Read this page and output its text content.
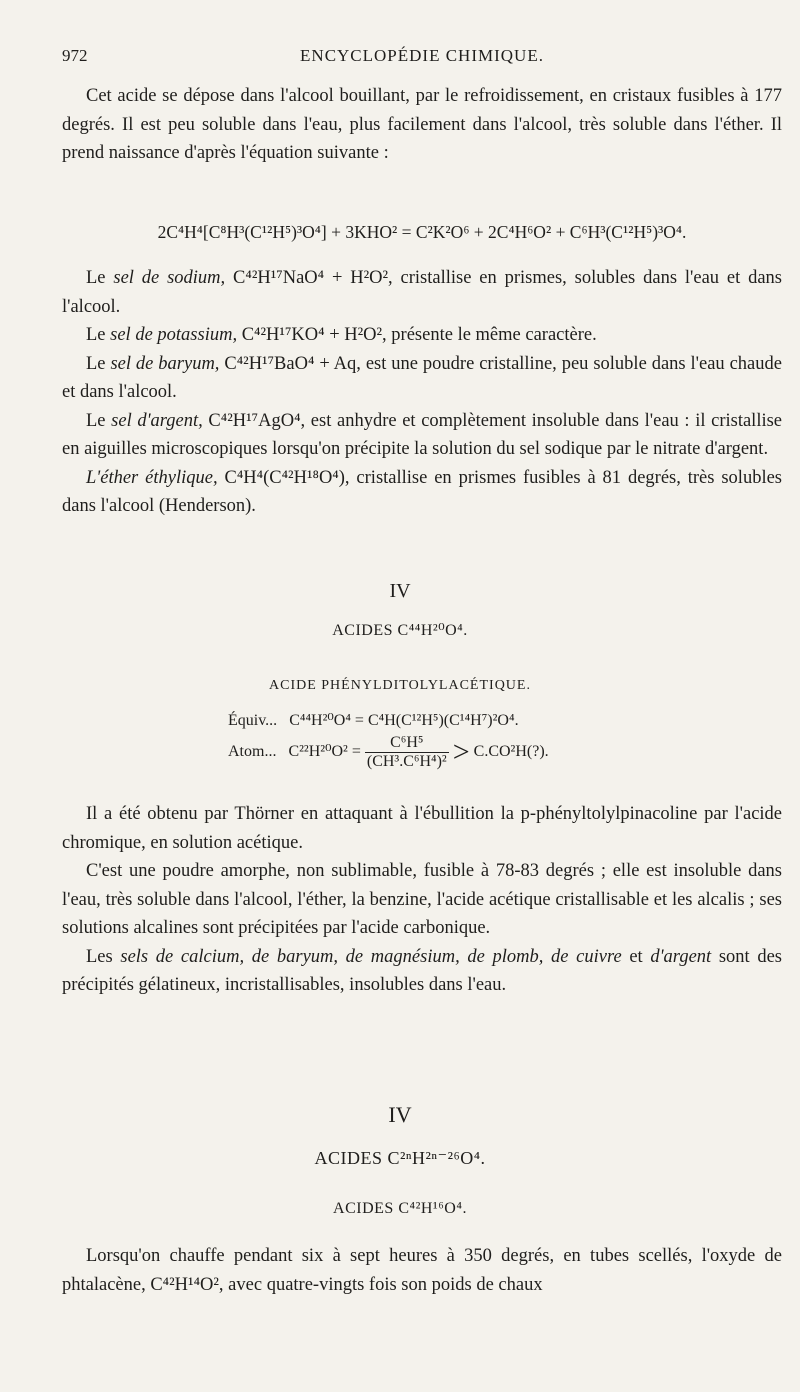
972	ENCYCLOPÉDIE CHIMIQUE.

Cet acide se dépose dans l'alcool bouillant, par le refroidissement, en cristaux fusibles à 177 degrés. Il est peu soluble dans l'eau, plus facilement dans l'alcool, très soluble dans l'éther. Il prend naissance d'après l'équation suivante :

2C⁴H⁴[C⁸H³(C¹²H⁵)³O⁴] + 3KHO² = C²K²O⁶ + 2C⁴H⁶O² + C⁶H³(C¹²H⁵)³O⁴.

Le sel de sodium, C⁴²H¹⁷NaO⁴ + H²O², cristallise en prismes, solubles dans l'eau et dans l'alcool.

Le sel de potassium, C⁴²H¹⁷KO⁴ + H²O², présente le même caractère.

Le sel de baryum, C⁴²H¹⁷BaO⁴ + Aq, est une poudre cristalline, peu soluble dans l'eau chaude et dans l'alcool.

Le sel d'argent, C⁴²H¹⁷AgO⁴, est anhydre et complètement insoluble dans l'eau : il cristallise en aiguilles microscopiques lorsqu'on précipite la solution du sel sodique par le nitrate d'argent.

L'éther éthylique, C⁴H⁴(C⁴²H¹⁸O⁴), cristallise en prismes fusibles à 81 degrés, très solubles dans l'alcool (Henderson).

IV
ACIDES C⁴⁴H²⁰O⁴.
ACIDE PHÉNYLDITOLYLACÉTIQUE.
Équiv... C⁴⁴H²⁰O⁴ = C⁴H(C¹²H⁵)(C¹⁴H⁷)²O⁴.
Atom... $C^{22}H^{20}O^2 = \frac{\text{C⁶H⁵}}{\text{(CH³.C⁶H⁴)²}}$ > C.CO²H(?).

Il a été obtenu par Thörner en attaquant à l'ébullition la p-phényltolylpinacoline par l'acide chromique, en solution acétique.

C'est une poudre amorphe, non sublimable, fusible à 78-83 degrés ; elle est insoluble dans l'eau, très soluble dans l'alcool, l'éther, la benzine, l'acide acétique cristallisable et les alcalis ; ses solutions alcalines sont précipitées par l'acide carbonique.

Les sels de calcium, de baryum, de magnésium, de plomb, de cuivre et d'argent sont des précipités gélatineux, incristallisables, insolubles dans l'eau.

IV
ACIDES C²ⁿH²ⁿ⁻²⁶O⁴.
ACIDES C⁴²H¹⁶O⁴.

Lorsqu'on chauffe pendant six à sept heures à 350 degrés, en tubes scellés, l'oxyde de phtalacène, C⁴²H¹⁴O², avec quatre-vingts fois son poids de chaux
